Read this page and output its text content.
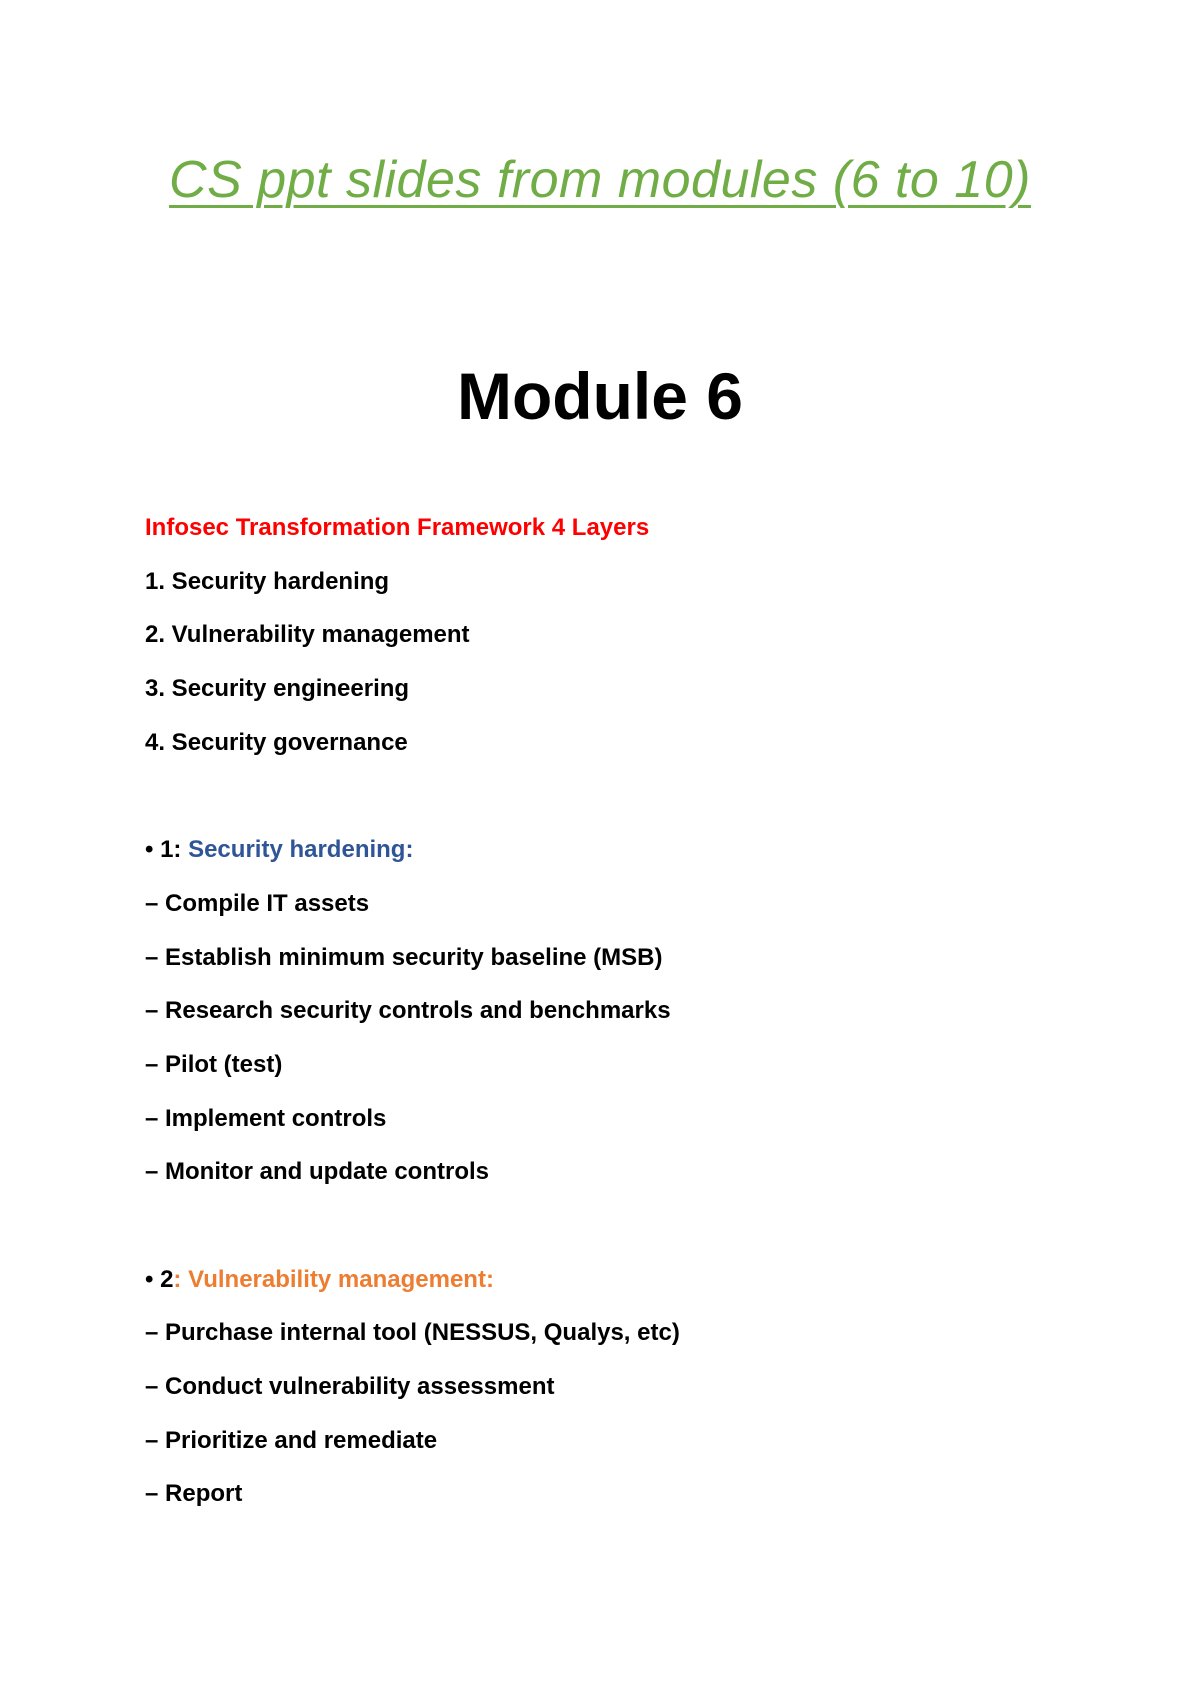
CS ppt slides from modules (6 to 10)
Module 6
Infosec Transformation Framework 4 Layers
1. Security hardening
2. Vulnerability management
3. Security engineering
4. Security governance
• 1: Security hardening:
– Compile IT assets
– Establish minimum security baseline (MSB)
– Research security controls and benchmarks
– Pilot (test)
– Implement controls
– Monitor and update controls
• 2: Vulnerability management:
– Purchase internal tool (NESSUS, Qualys, etc)
– Conduct vulnerability assessment
– Prioritize and remediate
– Report
